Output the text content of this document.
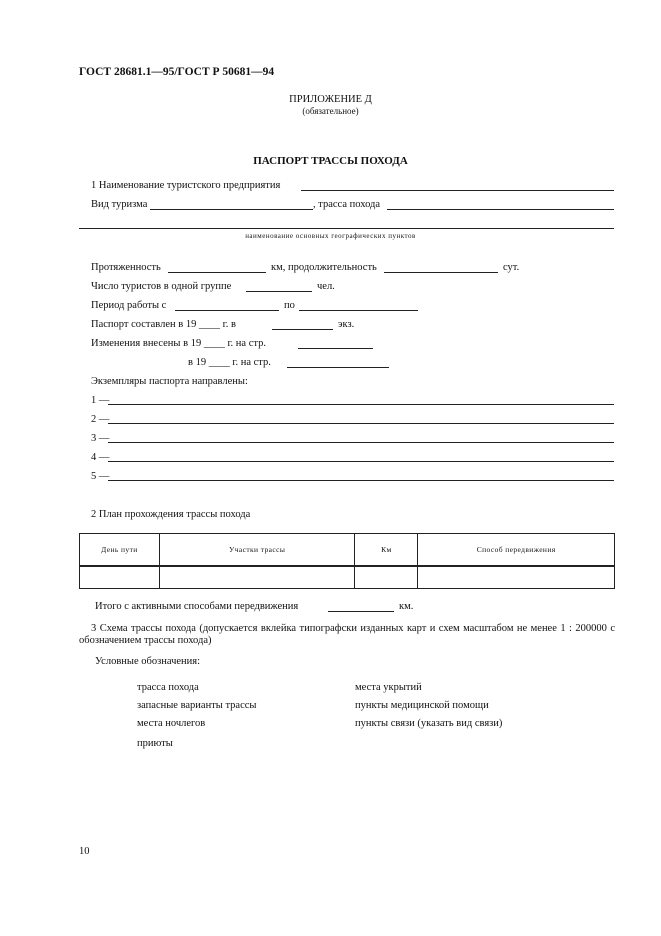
ГОСТ 28681.1—95/ГОСТ Р 50681—94
ПРИЛОЖЕНИЕ Д
(обязательное)
ПАСПОРТ ТРАССЫ ПОХОДА
1 Наименование туристского предприятия
Вид туризма	, трасса похода
наименование основных географических пунктов
Протяженность	км, продолжительность	сут.
Число туристов в одной группе	чел.
Период работы с	по
Паспорт составлен в 19 ____ г. в	экз.
Изменения внесены в 19 ____ г. на стр.
в 19 ____ г. на стр.
Экземпляры паспорта направлены:
1 —
2 —
3 —
4 —
5 —
2 План прохождения трассы похода
День пути	Участки трассы	Км	Способ передвижения

Итого с активными способами передвижения	км.
3 Схема трассы похода (допускается вклейка типографски изданных карт и схем масштабом не менее 1 : 200000 с обозначением трассы похода)
Условные обозначения:
трасса похода
запасные варианты трассы
места ночлегов
приюты
места укрытий
пункты медицинской помощи
пункты связи (указать вид связи)
10
